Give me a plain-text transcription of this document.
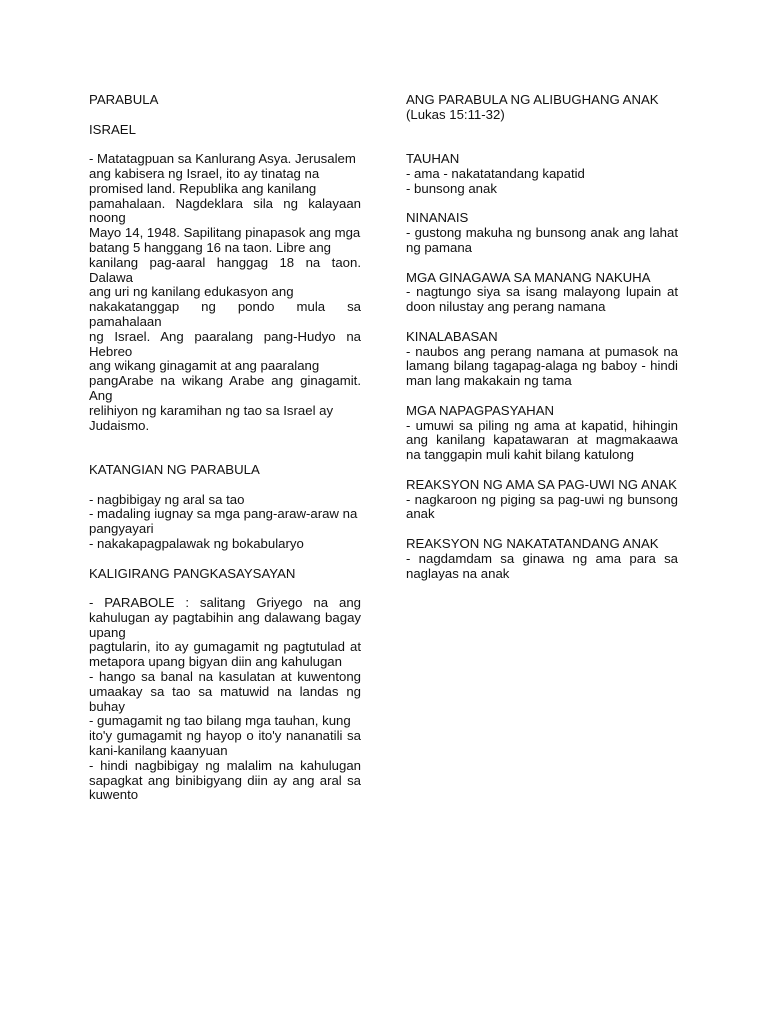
PARABULA

ISRAEL

- Matatagpuan sa Kanlurang Asya. Jerusalem

ang kabisera ng Israel, ito ay tinatag na

promised land. Republika ang kanilang

pamahalaan. Nagdeklara sila ng kalayaan noong

Mayo 14, 1948. Sapilitang pinapasok ang mga

batang 5 hanggang 16 na taon. Libre ang

kanilang pag-aaral hanggag 18 na taon. Dalawa

ang uri ng kanilang edukasyon ang

nakakatanggap ng pondo mula sa pamahalaan

ng Israel. Ang paaralang pang-Hudyo na Hebreo

ang wikang ginagamit at ang paaralang

pangArabe na wikang Arabe ang ginagamit. Ang

relihiyon ng karamihan ng tao sa Israel ay

Judaismo.

KATANGIAN NG PARABULA

- nagbibigay ng aral sa tao

- madaling iugnay sa mga pang-araw-araw na

pangyayari

- nakakapagpalawak ng bokabularyo

KALIGIRANG PANGKASAYSAYAN

- PARABOLE : salitang Griyego na ang kahulugan ay pagtabihin ang dalawang bagay upang

pagtularin, ito ay gumagamit ng pagtutulad at metapora upang bigyan diin ang kahulugan

- hango sa banal na kasulatan at kuwentong umaakay sa tao sa matuwid na landas ng buhay

- gumagamit ng tao bilang mga tauhan, kung

ito'y gumagamit ng hayop o ito'y nananatili sa kani-kanilang kaanyuan

- hindi nagbibigay ng malalim na kahulugan sapagkat ang binibigyang diin ay ang aral sa kuwento

ANG PARABULA NG ALIBUGHANG ANAK

(Lukas 15:11-32)

TAUHAN

- ama - nakatatandang kapatid

- bunsong anak

NINANAIS

- gustong makuha ng bunsong anak ang lahat ng pamana

MGA GINAGAWA SA MANANG NAKUHA

- nagtungo siya sa isang malayong lupain at doon nilustay ang perang namana

KINALABASAN

- naubos ang perang namana at pumasok na lamang bilang tagapag-alaga ng baboy - hindi man lang makakain ng tama

MGA NAPAGPASYAHAN

- umuwi sa piling ng ama at kapatid, hihingin ang kanilang kapatawaran at magmakaawa na tanggapin muli kahit bilang katulong

REAKSYON NG AMA SA PAG-UWI NG ANAK

- nagkaroon ng piging sa pag-uwi ng bunsong anak

REAKSYON NG NAKATATANDANG ANAK

- nagdamdam sa ginawa ng ama para sa naglayas na anak
